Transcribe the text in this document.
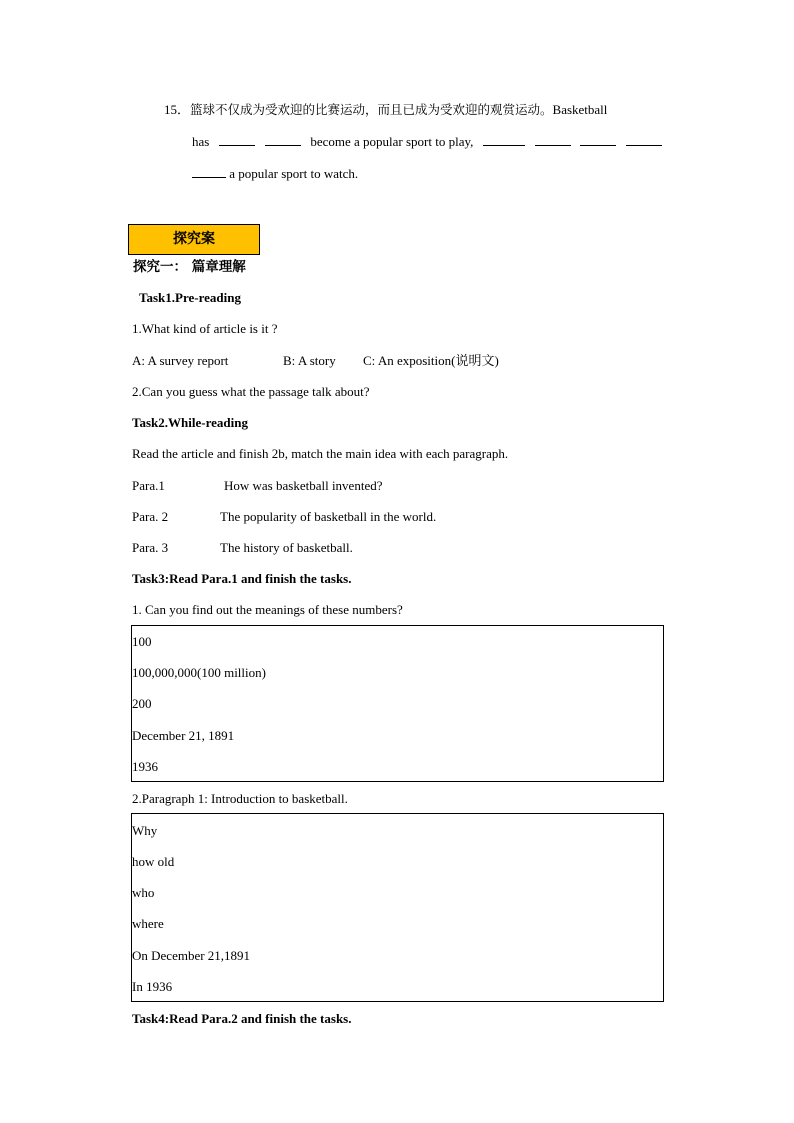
15．篮球不仅成为受欢迎的比赛运动，而且已成为受欢迎的观赏运动。Basketball
has	become a popular sport to play,
a popular sport to watch.
探究案
探究一： 篇章理解
Task1.Pre-reading
1.What kind of article is it ?
A: A survey report	B: A story C: An exposition(说明文)
2.Can you guess what the passage talk about?
Task2.While-reading
Read the article and finish 2b, match the main idea with each paragraph.
Para.1	How was basketball invented?
Para. 2	The popularity of basketball in the world.
Para. 3	The history of basketball.
Task3:Read Para.1 and finish the tasks.
1. Can you find out the meanings of these numbers?
100
100,000,000(100 million)
200
December 21, 1891
1936
2.Paragraph 1: Introduction to basketball.
Why
how old
who
where
On December 21,1891
In 1936
Task4:Read Para.2 and finish the tasks.
